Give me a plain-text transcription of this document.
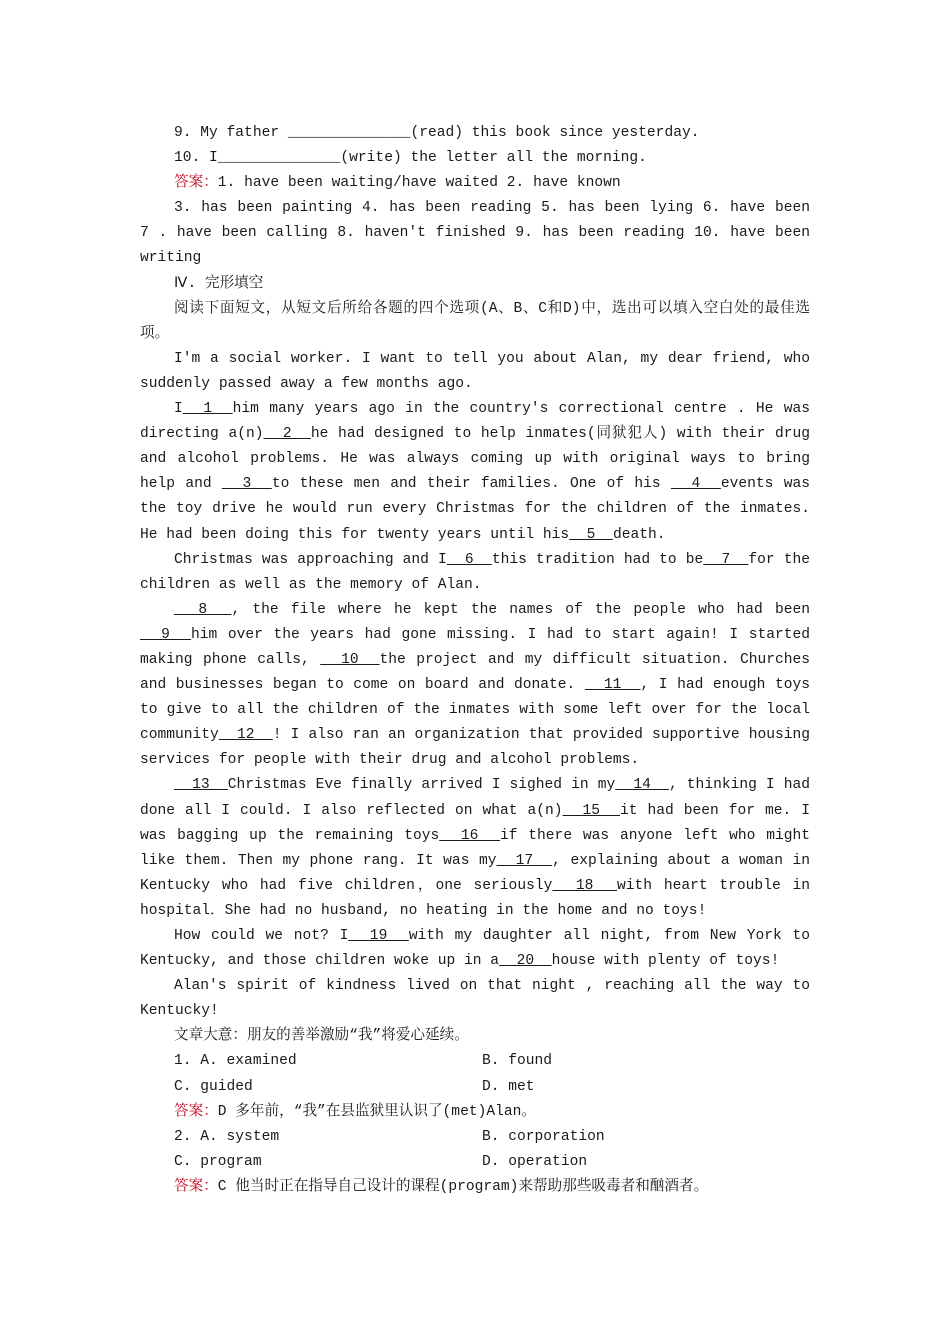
9. My father ______________(read) this book since yesterday.
10. I______________(write) the letter all the morning.
答案：1. have been waiting/have waited 2. have known
3. has been painting 4. has been reading 5. has been lying 6. have been
7 . have been calling 8. haven't finished 9. has been reading 10. have been
writing
Ⅳ. 完形填空
阅读下面短文，从短文后所给各题的四个选项(A、B、C和D)中，选出可以填入空白处的最佳选项。
I'm a social worker. I want to tell you about Alan, my dear friend, who suddenly passed away a few months ago.
I  1  him many years ago in the country's correctional centre . He was directing a(n)  2  he had designed to help inmates(同狱犯人) with their drug and alcohol problems. He was always coming up with original ways to bring help and   3  to these men and their families. One of his   4  events was the toy drive he would run every Christmas for the children of the inmates. He had been doing this for twenty years until his  5  death.
Christmas was approaching and I  6  this tradition had to be  7  for the children as well as the memory of Alan.
8  , the file where he kept the names of the people who had been  9  him over the years had gone missing. I had to start again! I started making phone calls,   10  the project and my difficult situation. Churches and businesses began to come on board and donate.   11  , I had enough toys to give to all the children of the inmates with some left over for the local community  12  ! I also ran an organization that provided supportive housing services for people with their drug and alcohol problems.
13  Christmas Eve finally arrived I sighed in my  14  , thinking I had done all I could. I also reflected on what a(n)  15  it had been for me. I was bagging up the remaining toys  16  if there was anyone left who might like them. Then my phone rang. It was my  17  , explaining about a woman in Kentucky who had five children，one seriously  18  with heart trouble in hospital．She had no husband, no heating in the home and no toys!
How could we not? I  19  with my daughter all night, from New York to Kentucky, and those children woke up in a  20  house with plenty of toys!
Alan's spirit of kindness lived on that night , reaching all the way to Kentucky!
文章大意：朋友的善举激励“我”将爱心延续。
1. A. examined	B. found
C. guided	D. met
答案：D 多年前，“我”在县监狱里认识了(met)Alan。
2. A. system	B. corporation
C. program	D. operation
答案：C 他当时正在指导自己设计的课程(program)来帮助那些吸毒者和酗酒者。
